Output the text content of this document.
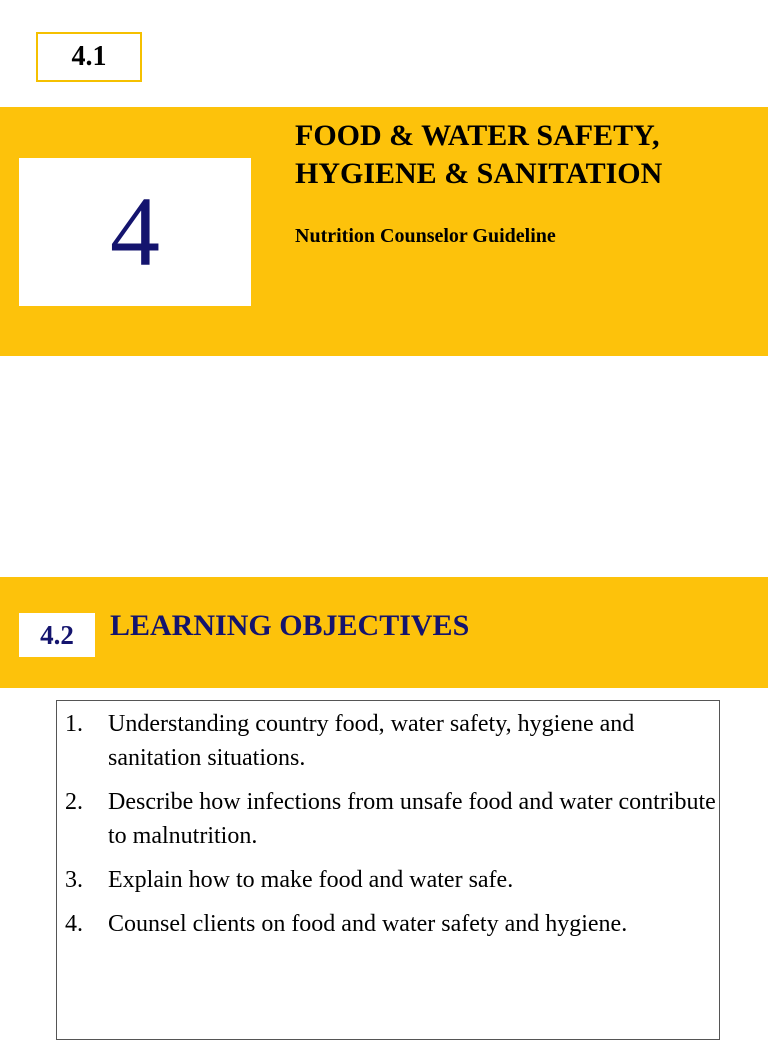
4.1
4
FOOD & WATER SAFETY,
HYGIENE & SANITATION
Nutrition Counselor Guideline
4.2 LEARNING OBJECTIVES
1. Understanding country food, water safety, hygiene and sanitation situations.
2. Describe how infections from unsafe food and water contribute to malnutrition.
3. Explain how to make food and water safe.
4. Counsel clients on food and water safety and hygiene.
